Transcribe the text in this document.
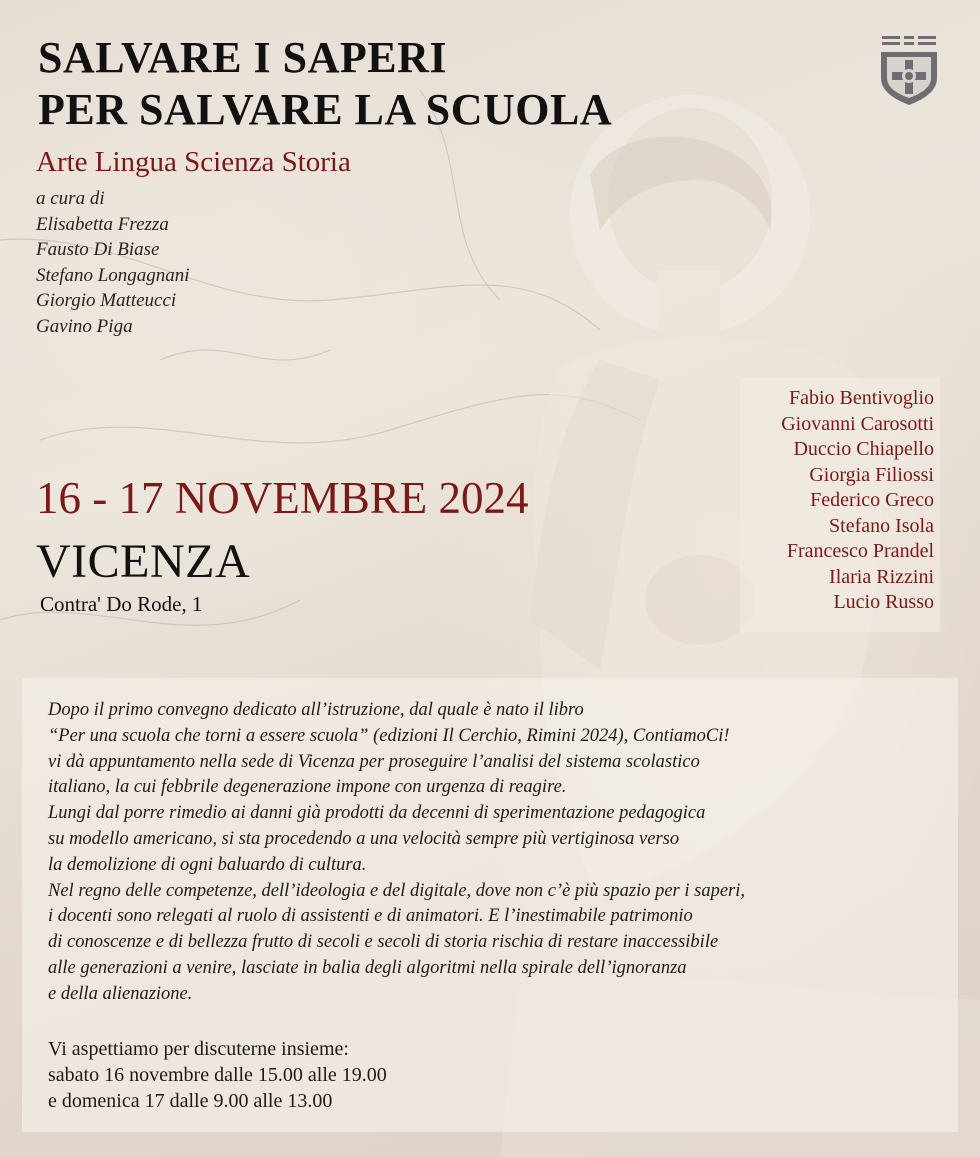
SALVARE I SAPERI
PER SALVARE LA SCUOLA
Arte Lingua Scienza Storia
a cura di
Elisabetta Frezza
Fausto Di Biase
Stefano Longagnani
Giorgio Matteucci
Gavino Piga
16 - 17 NOVEMBRE 2024
VICENZA
Contra' Do Rode, 1
Fabio Bentivoglio
Giovanni Carosotti
Duccio Chiapello
Giorgia Filiossi
Federico Greco
Stefano Isola
Francesco Prandel
Ilaria Rizzini
Lucio Russo
Dopo il primo convegno dedicato all’istruzione, dal quale è nato il libro
“Per una scuola che torni a essere scuola” (edizioni Il Cerchio, Rimini 2024), ContiamoCi!
vi dà appuntamento nella sede di Vicenza per proseguire l’analisi del sistema scolastico
italiano, la cui febbrile degenerazione impone con urgenza di reagire.
Lungi dal porre rimedio ai danni già prodotti da decenni di sperimentazione pedagogica
su modello americano, si sta procedendo a una velocità sempre più vertiginosa verso
la demolizione di ogni baluardo di cultura.
Nel regno delle competenze, dell’ideologia e del digitale, dove non c’è più spazio per i saperi,
i docenti sono relegati al ruolo di assistenti e di animatori. E l’inestimabile patrimonio
di conoscenze e di bellezza frutto di secoli e secoli di storia rischia di restare inaccessibile
alle generazioni a venire, lasciate in balia degli algoritmi nella spirale dell’ignoranza
e della alienazione.
Vi aspettiamo per discuterne insieme:
sabato 16 novembre dalle 15.00 alle 19.00
e domenica 17 dalle 9.00 alle 13.00
